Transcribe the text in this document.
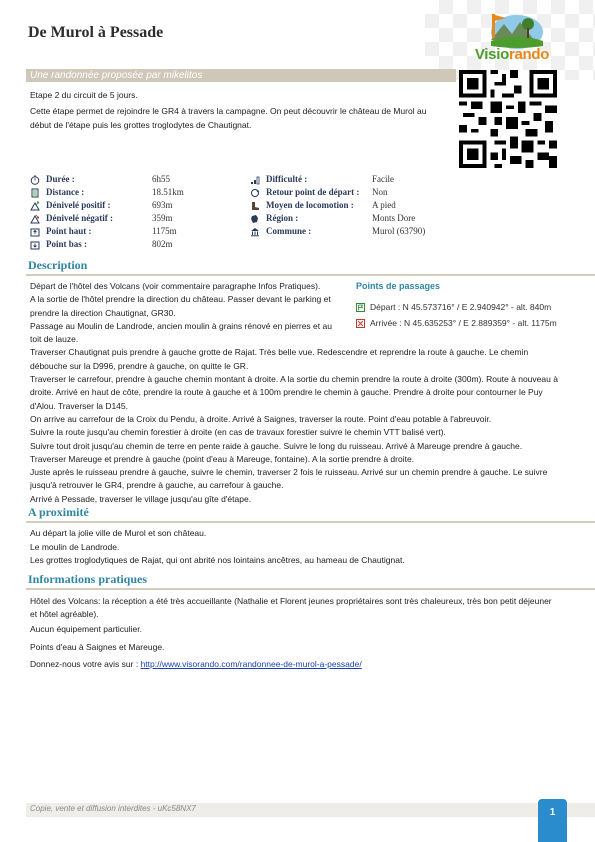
De Murol à Pessade
Visiorando
Une randonnée proposée par mikelitos

Etape 2 du circuit de 5 jours.

Cette étape permet de rejoindre le GR4 à travers la campagne. On peut découvrir le château de Murol au début de l'étape puis les grottes troglodytes de Chautignat.

Durée :	6h55
Distance :	18.51km
Dénivelé positif :	693m
Dénivelé négatif :	359m
Point haut :	1175m
Point bas :	802m
Difficulté :	Facile
Retour point de départ : Non
Moyen de locomotion : A pied
Région :	Monts Dore
Commune :	Murol (63790)
Description
Points de passages
Départ : N 45.573716° / E 2.940942° - alt. 840m
Arrivée : N 45.635253° / E 2.889359° - alt. 1175m

Départ de l'hôtel des Volcans (voir commentaire paragraphe Infos Pratiques).

A la sortie de l'hôtel prendre la direction du château. Passer devant le parking et prendre la direction Chautignat, GR30.

Passage au Moulin de Landrode, ancien moulin à grains rénové en pierres et au toit de lauze.

Traverser Chautignat puis prendre à gauche grotte de Rajat. Très belle vue. Redescendre et reprendre la route à gauche. Le chemin débouche sur la D996, prendre à gauche, on quitte le GR.

Traverser le carrefour, prendre à gauche chemin montant à droite. A la sortie du chemin prendre la route à droite (300m). Route à nouveau à droite. Arrivé en haut de côte, prendre la route à gauche et à 100m prendre le chemin à gauche. Prendre à droite pour contourner le Puy d'Alou. Traverser la D145.

On arrive au carrefour de la Croix du Pendu, à droite. Arrivé à Saignes, traverser la route. Point d'eau potable à l'abreuvoir.

Suivre la route jusqu'au chemin forestier à droite (en cas de travaux forestier suivre le chemin VTT balisé vert).

Suivre tout droit jusqu'au chemin de terre en pente raide à gauche. Suivre le long du ruisseau. Arrivé à Mareuge prendre à gauche.

Traverser Mareuge et prendre à gauche (point d'eau à Mareuge, fontaine). A la sortie prendre à droite.

Juste après le ruisseau prendre à gauche, suivre le chemin, traverser 2 fois le ruisseau. Arrivé sur un chemin prendre à gauche. Le suivre jusqu'à retrouver le GR4, prendre à gauche, au carrefour à gauche.

Arrivé à Pessade, traverser le village jusqu'au gîte d'étape.

A proximité

Au départ la jolie ville de Murol et son château.

Le moulin de Landrode.

Les grottes troglodytiques de Rajat, qui ont abrité nos lointains ancêtres, au hameau de Chautignat.

Informations pratiques

Hôtel des Volcans: la réception a été très accueillante (Nathalie et Florent jeunes propriétaires sont très chaleureux, très bon petit déjeuner et hôtel agréable).

Aucun équipement particulier.

Points d'eau à Saignes et Mareuge.

Donnez-nous votre avis sur : http://www.visorando.com/randonnee-de-murol-a-pessade/

Copie, vente et diffusion interdites - uKc58NX7	1
